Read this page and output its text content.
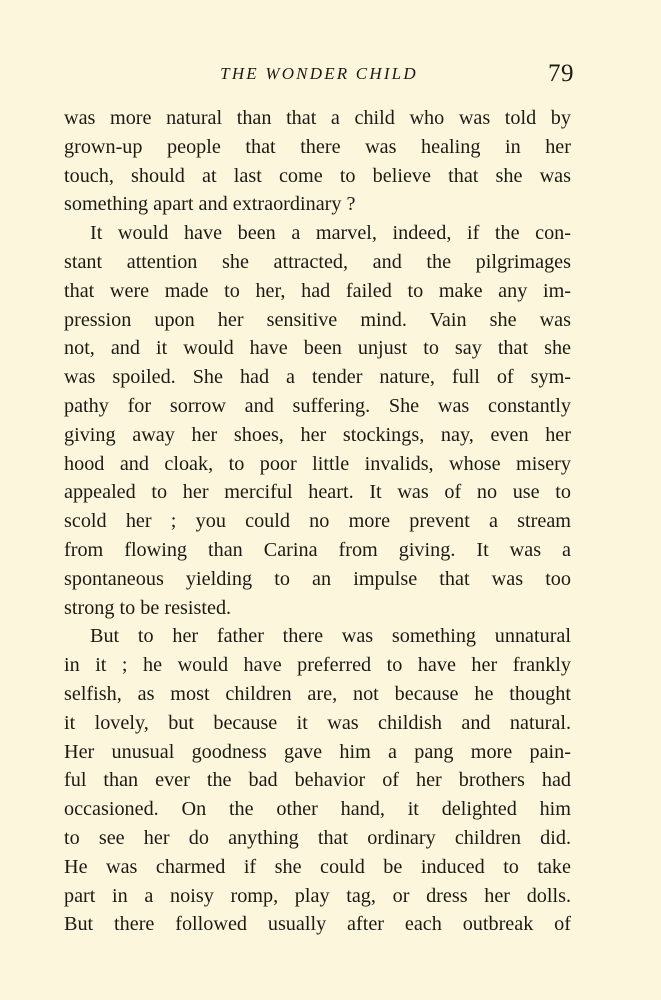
THE WONDER CHILD	79
was more natural than that a child who was told by
grown-up people that there was healing in her
touch, should at last come to believe that she was
something apart and extraordinary ?
It would have been a marvel, indeed, if the con-
stant attention she attracted, and the pilgrimages
that were made to her, had failed to make any im-
pression upon her sensitive mind. Vain she was
not, and it would have been unjust to say that she
was spoiled. She had a tender nature, full of sym-
pathy for sorrow and suffering. She was constantly
giving away her shoes, her stockings, nay, even her
hood and cloak, to poor little invalids, whose misery
appealed to her merciful heart. It was of no use to
scold her ; you could no more prevent a stream
from flowing than Carina from giving. It was a
spontaneous yielding to an impulse that was too
strong to be resisted.
But to her father there was something unnatural
in it ; he would have preferred to have her frankly
selfish, as most children are, not because he thought
it lovely, but because it was childish and natural.
Her unusual goodness gave him a pang more pain-
ful than ever the bad behavior of her brothers had
occasioned. On the other hand, it delighted him
to see her do anything that ordinary children did.
He was charmed if she could be induced to take
part in a noisy romp, play tag, or dress her dolls.
But there followed usually after each outbreak of
